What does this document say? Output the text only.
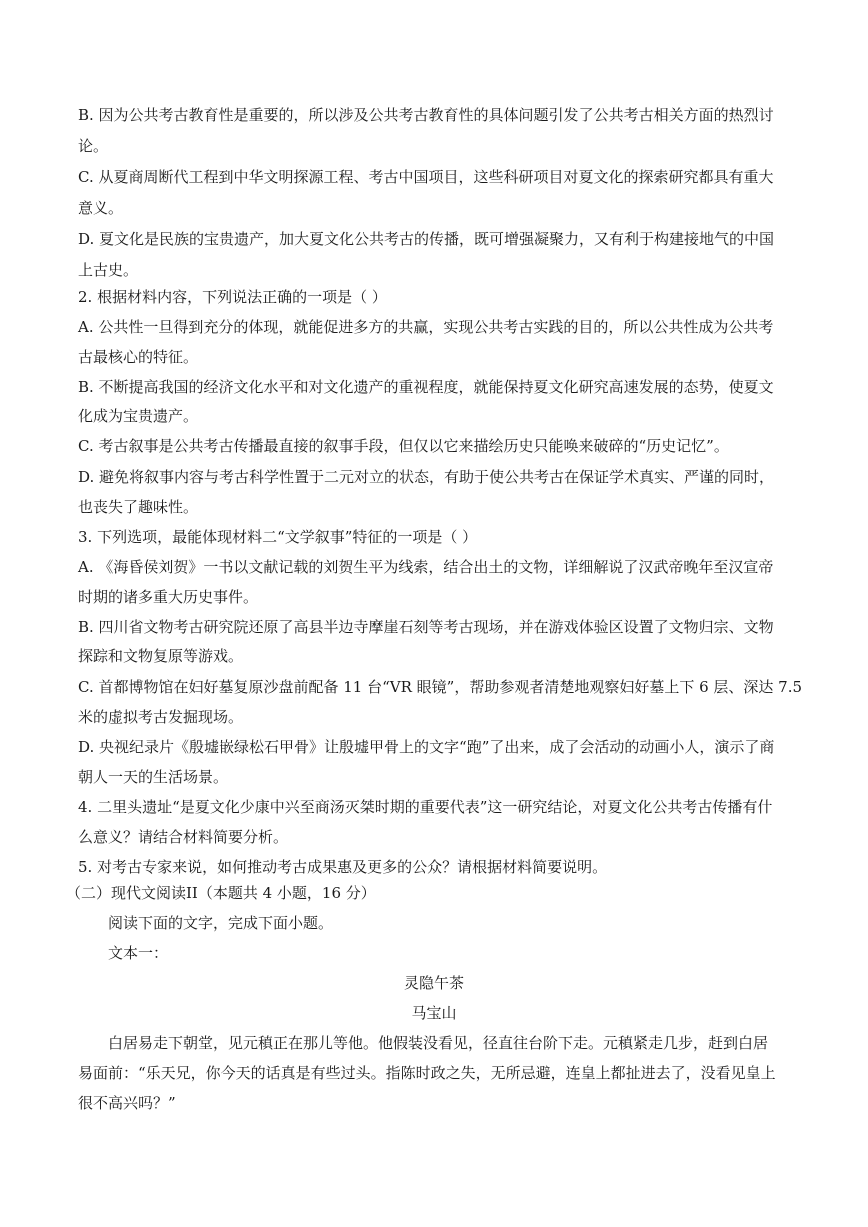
B. 因为公共考古教育性是重要的，所以涉及公共考古教育性的具体问题引发了公共考古相关方面的热烈讨
论。
C. 从夏商周断代工程到中华文明探源工程、考古中国项目，这些科研项目对夏文化的探索研究都具有重大
意义。
D. 夏文化是民族的宝贵遗产，加大夏文化公共考古的传播，既可增强凝聚力，又有利于构建接地气的中国
上古史。
2. 根据材料内容，下列说法正确的一项是（ ）
A. 公共性一旦得到充分的体现，就能促进多方的共赢，实现公共考古实践的目的，所以公共性成为公共考
古最核心的特征。
B. 不断提高我国的经济文化水平和对文化遗产的重视程度，就能保持夏文化研究高速发展的态势，使夏文
化成为宝贵遗产。
C. 考古叙事是公共考古传播最直接的叙事手段，但仅以它来描绘历史只能唤来破碎的“历史记忆”。
D. 避免将叙事内容与考古科学性置于二元对立的状态，有助于使公共考古在保证学术真实、严谨的同时，
也丧失了趣味性。
3. 下列选项，最能体现材料二“文学叙事”特征的一项是（ ）
A. 《海昏侯刘贺》一书以文献记载的刘贺生平为线索，结合出土的文物，详细解说了汉武帝晚年至汉宣帝
时期的诸多重大历史事件。
B. 四川省文物考古研究院还原了高县半边寺摩崖石刻等考古现场，并在游戏体验区设置了文物归宗、文物
探踪和文物复原等游戏。
C. 首都博物馆在妇好墓复原沙盘前配备 11 台“VR 眼镜”，帮助参观者清楚地观察妇好墓上下 6 层、深达 7.5
米的虚拟考古发掘现场。
D. 央视纪录片《殷墟嵌绿松石甲骨》让殷墟甲骨上的文字“跑”了出来，成了会活动的动画小人，演示了商
朝人一天的生活场景。
4. 二里头遗址“是夏文化少康中兴至商汤灭桀时期的重要代表”这一研究结论，对夏文化公共考古传播有什
么意义？请结合材料简要分析。
5. 对考古专家来说，如何推动考古成果惠及更多的公众？请根据材料简要说明。
（二）现代文阅读II（本题共 4 小题，16 分）
阅读下面的文字，完成下面小题。
文本一：
灵隐午茶
马宝山
白居易走下朝堂，见元稹正在那儿等他。他假装没看见，径直往台阶下走。元稹紧走几步，赶到白居
易面前：“乐天兄，你今天的话真是有些过头。指陈时政之失，无所忌避，连皇上都扯进去了，没看见皇上
很不高兴吗？”
